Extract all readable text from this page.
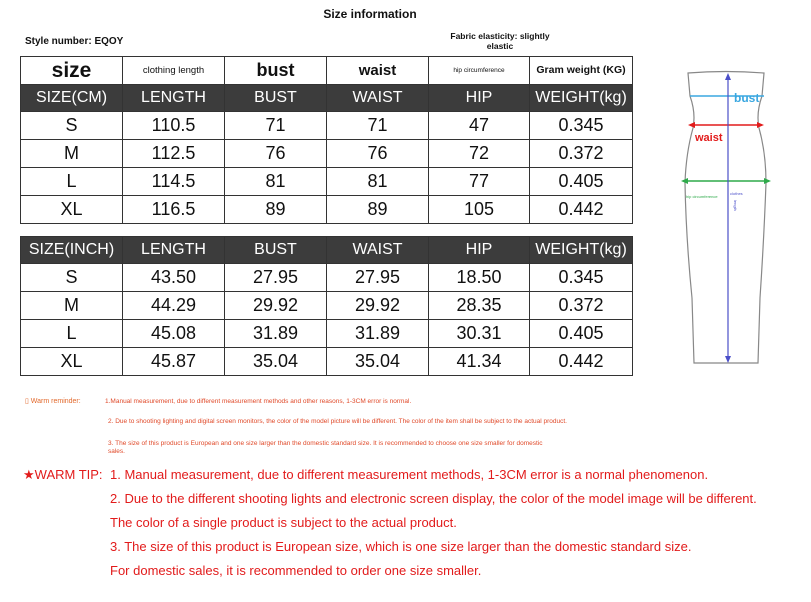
Size information
Style number: EQOY	Fabric elasticity: slightly elastic
size	clothing length	bust	waist	hip circumference	Gram weight (KG)
SIZE(CM)	LENGTH	BUST	WAIST	HIP	WEIGHT(kg)
S	110.5	71	71	47	0.345
M	112.5	76	76	72	0.372
L	114.5	81	81	77	0.405
XL	116.5	89	89	105	0.442
SIZE(INCH)	LENGTH	BUST	WAIST	HIP	WEIGHT(kg)
S	43.50	27.95	27.95	18.50	0.345
M	44.29	29.92	29.92	28.35	0.372
L	45.08	31.89	31.89	30.31	0.405
XL	45.87	35.04	35.04	41.34	0.442
bust
waist
hip circumference
clothes
length
▯ Warm reminder:	1.Manual measurement, due to different measurement methods and other reasons, 1-3CM error is normal.
2. Due to shooting lighting and digital screen monitors, the color of the model picture will be different. The color of the item shall be subject to the actual product.
3. The size of this product is European and one size larger than the domestic standard size. It is recommended to choose one size smaller for domestic sales.
★WARM TIP: 1. Manual measurement, due to different measurement methods, 1-3CM error is a normal phenomenon.
2. Due to the different shooting lights and electronic screen display, the color of the model image will be different.
The color of a single product is subject to the actual product.
3. The size of this product is European size, which is one size larger than the domestic standard size.
For domestic sales, it is recommended to order one size smaller.
